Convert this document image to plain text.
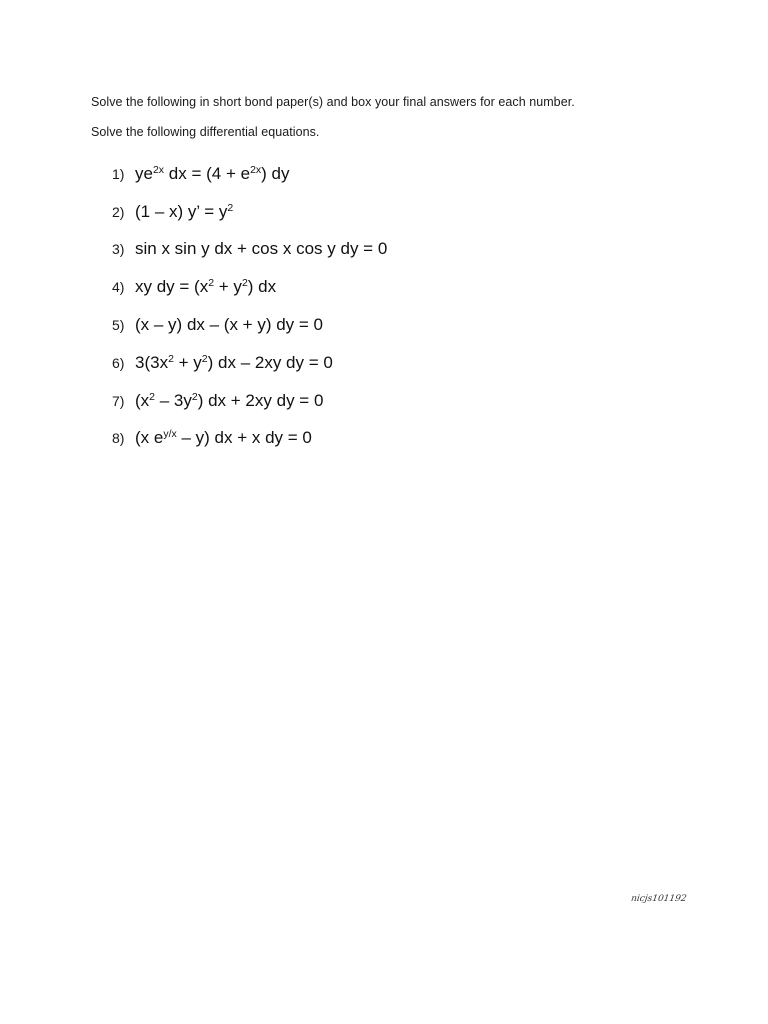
Solve the following in short bond paper(s) and box your final answers for each number.
Solve the following differential equations.
1) $ye^{2x}$ dx = $(4 + e^{2x})$ dy
2) (1 – x) y’ = $y^2$
3) sin x sin y dx + cos x cos y dy = 0
4) xy dy = $(x^2 + y^2)$ dx
5) (x – y) dx – (x + y) dy = 0
6) $3(3x^2 + y^2)$ dx – 2xy dy = 0
7) $(x^2 - 3y^2)$ dx + 2xy dy = 0
8) (x $e^{y/x} - y$) dx + x dy = 0
nicjs101192
